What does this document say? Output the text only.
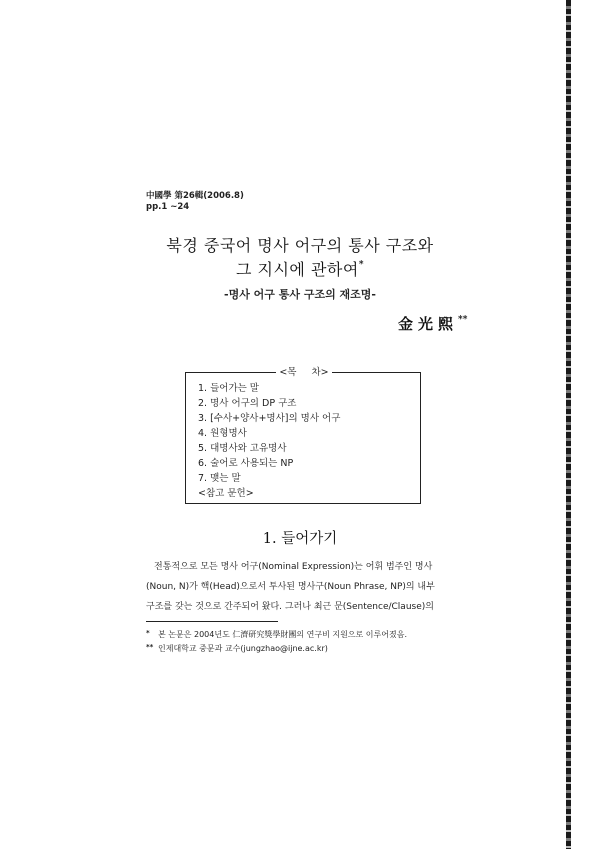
中國學 第26輯(2006.8)
pp.1 ~24
북경 중국어 명사 어구의 통사 구조와
그 지시에 관하여*
-명사 어구 통사 구조의 재조명-
金光熙**
<목 차>
1. 들어가는 말
2. 명사 어구의 DP 구조
3. [수사+양사+명사]의 명사 어구
4. 원형명사
5. 대명사와 고유명사
6. 술어로 사용되는 NP
7. 맺는 말
<참고 문헌>
1. 들어가기

전통적으로 모든 명사 어구(Nominal Expression)는 어휘 범주인 명사
(Noun, N)가 핵(Head)으로서 투사된 명사구(Noun Phrase, NP)의 내부
구조를 갖는 것으로 간주되어 왔다. 그러나 최근 문(Sentence/Clause)의

* 본 논문은 2004년도 仁濟研究獎學財團의 연구비 지원으로 이루어졌음.
** 인제대학교 중문과 교수(jungzhao@ijne.ac.kr)
